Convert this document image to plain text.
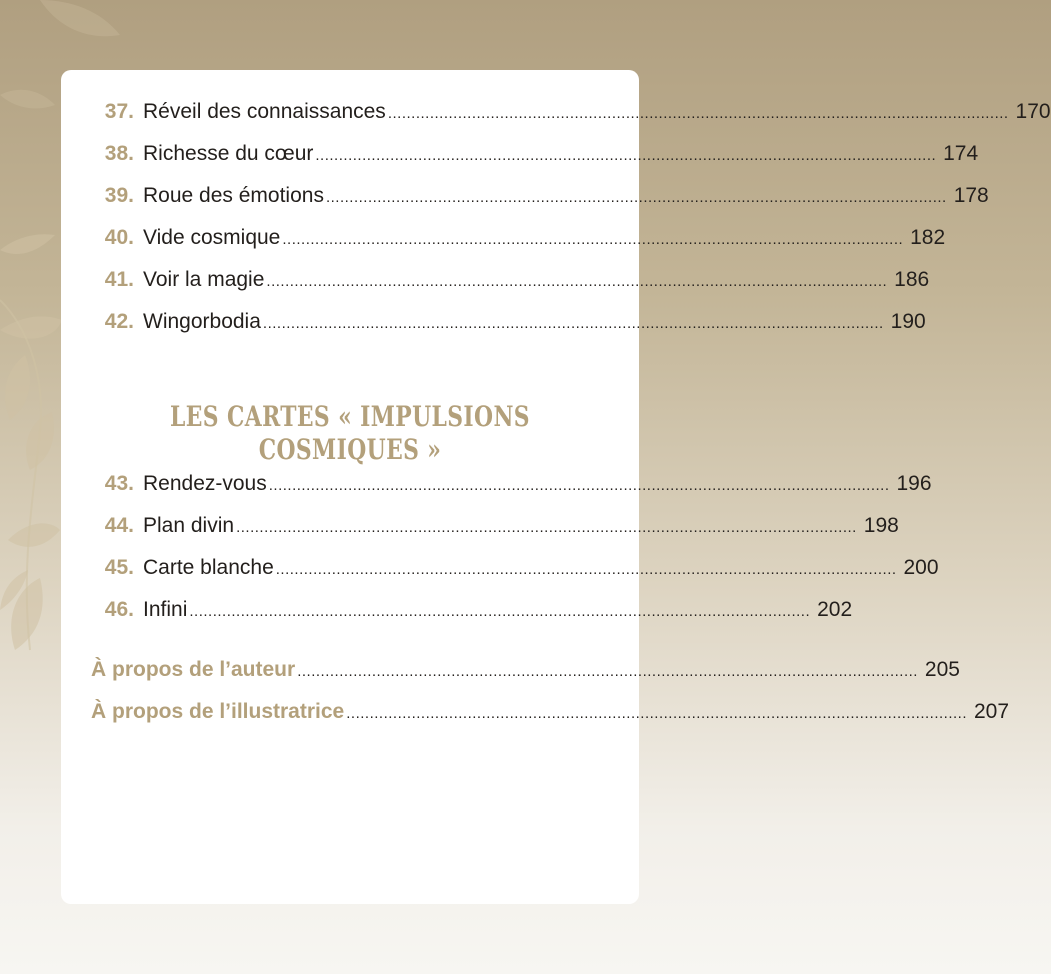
37. Réveil des connaissances ..................................................................................................................................... 170
38. Richesse du cœur ..................................................................................................................................... 174
39. Roue des émotions ..................................................................................................................................... 178
40. Vide cosmique ..................................................................................................................................... 182
41. Voir la magie ..................................................................................................................................... 186
42. Wingorbodia ..................................................................................................................................... 190
LES CARTES « IMPULSIONS COSMIQUES »
43. Rendez-vous ..................................................................................................................................... 196
44. Plan divin ..................................................................................................................................... 198
45. Carte blanche ..................................................................................................................................... 200
46. Infini ..................................................................................................................................... 202
À propos de l’auteur ..................................................................................................................................... 205
À propos de l’illustratrice ..................................................................................................................................... 207
